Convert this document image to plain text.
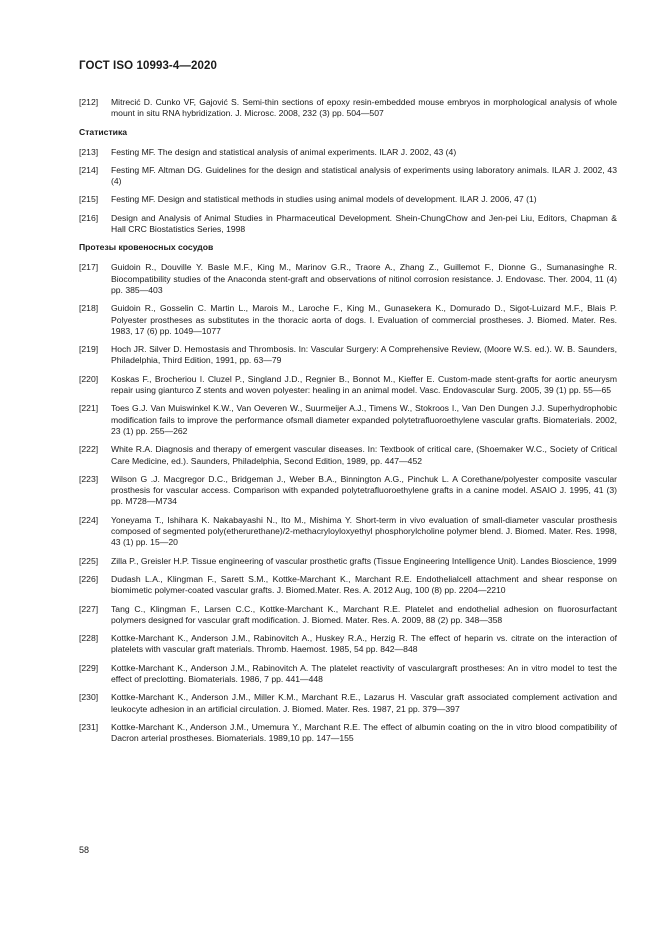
ГОСТ ISO 10993-4—2020
[212]	Mitrecić D. Cunko VF, Gajović S. Semi-thin sections of epoxy resin-embedded mouse embryos in morphological analysis of whole mount in situ RNA hybridization. J. Microsc. 2008, 232 (3) pp. 504—507
Статистика
[213]	Festing MF. The design and statistical analysis of animal experiments. ILAR J. 2002, 43 (4)
[214]	Festing MF. Altman DG. Guidelines for the design and statistical analysis of experiments using laboratory animals. ILAR J. 2002, 43 (4)
[215]	Festing MF. Design and statistical methods in studies using animal models of development. ILAR J. 2006, 47 (1)
[216]	Design and Analysis of Animal Studies in Pharmaceutical Development. Shein-ChungChow and Jen-pei Liu, Editors, Chapman & Hall CRC Biostatistics Series, 1998
Протезы кровеносных сосудов
[217]	Guidoin R., Douville Y. Basle M.F., King M., Marinov G.R., Traore A., Zhang Z., Guillemot F., Dionne G., Sumanasinghe R. Biocompatibility studies of the Anaconda stent-graft and observations of nitinol corrosion resistance. J. Endovasc. Ther. 2004, 11 (4) pp. 385—403
[218]	Guidoin R., Gosselin C. Martin L., Marois M., Laroche F., King M., Gunasekera K., Domurado D., Sigot-Luizard M.F., Blais P. Polyester prostheses as substitutes in the thoracic aorta of dogs. I. Evaluation of commercial prostheses. J. Biomed. Mater. Res. 1983, 17 (6) pp. 1049—1077
[219]	Hoch JR. Silver D. Hemostasis and Thrombosis. In: Vascular Surgery: A Comprehensive Review, (Moore W.S. ed.). W. B. Saunders, Philadelphia, Third Edition, 1991, pp. 63—79
[220]	Koskas F., Brocheriou I. Cluzel P., Singland J.D., Regnier B., Bonnot M., Kieffer E. Custom-made stent-grafts for aortic aneurysm repair using gianturco Z stents and woven polyester: healing in an animal model. Vasc. Endovascular Surg. 2005, 39 (1) pp. 55—65
[221]	Toes G.J. Van Muiswinkel K.W., Van Oeveren W., Suurmeijer A.J., Timens W., Stokroos I., Van Den Dungen J.J. Superhydrophobic modification fails to improve the performance ofsmall diameter expanded polytetrafluoroethylene vascular grafts. Biomaterials. 2002, 23 (1) pp. 255—262
[222]	White R.A. Diagnosis and therapy of emergent vascular diseases. In: Textbook of critical care, (Shoemaker W.C., Society of Critical Care Medicine, ed.). Saunders, Philadelphia, Second Edition, 1989, pp. 447—452
[223]	Wilson G .J. Macgregor D.C., Bridgeman J., Weber B.A., Binnington A.G., Pinchuk L. A Corethane/polyester composite vascular prosthesis for vascular access. Comparison with expanded polytetrafluoroethylene grafts in a canine model. ASAIO J. 1995, 41 (3) pp. M728—M734
[224]	Yoneyama T., Ishihara K. Nakabayashi N., Ito M., Mishima Y. Short-term in vivo evaluation of small-diameter vascular prosthesis composed of segmented poly(etherurethane)/2-methacryloyloxyethyl phosphorylcholine polymer blend. J. Biomed. Mater. Res. 1998, 43 (1) pp. 15—20
[225]	Zilla P., Greisler H.P. Tissue engineering of vascular prosthetic grafts (Tissue Engineering Intelligence Unit). Landes Bioscience, 1999
[226]	Dudash L.A., Klingman F., Sarett S.M., Kottke-Marchant K., Marchant R.E. Endothelialcell attachment and shear response on biomimetic polymer-coated vascular grafts. J. Biomed.Mater. Res. A. 2012 Aug, 100 (8) pp. 2204—2210
[227]	Tang C., Klingman F., Larsen C.C., Kottke-Marchant K., Marchant R.E. Platelet and endothelial adhesion on fluorosurfactant polymers designed for vascular graft modification. J. Biomed. Mater. Res. A. 2009, 88 (2) pp. 348—358
[228]	Kottke-Marchant K., Anderson J.M., Rabinovitch A., Huskey R.A., Herzig R. The effect of heparin vs. citrate on the interaction of platelets with vascular graft materials. Thromb. Haemost. 1985, 54 pp. 842—848
[229]	Kottke-Marchant K., Anderson J.M., Rabinovitch A. The platelet reactivity of vasculargraft prostheses: An in vitro model to test the effect of preclotting. Biomaterials. 1986, 7 pp. 441—448
[230]	Kottke-Marchant K., Anderson J.M., Miller K.M., Marchant R.E., Lazarus H. Vascular graft associated complement activation and leukocyte adhesion in an artificial circulation. J. Biomed. Mater. Res. 1987, 21 pp. 379—397
[231]	Kottke-Marchant K., Anderson J.M., Umemura Y., Marchant R.E. The effect of albumin coating on the in vitro blood compatibility of Dacron arterial prostheses. Biomaterials. 1989,10 pp. 147—155
58
